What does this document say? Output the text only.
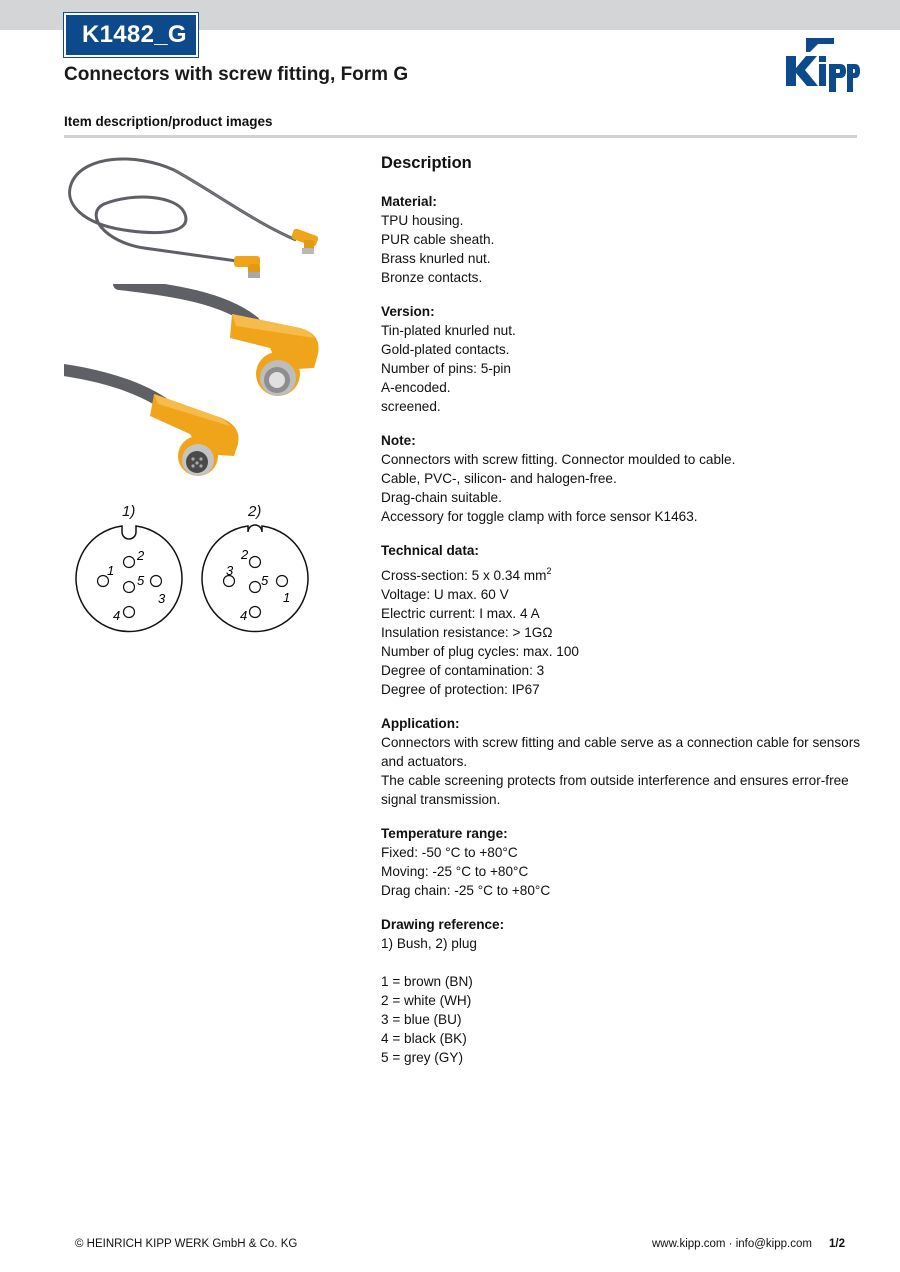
K1482_G
Connectors with screw fitting, Form G
Item description/product images
1)	2)
2
1
5
3
4
2
3
5
1
4
Description
Material:
TPU housing.
PUR cable sheath.
Brass knurled nut.
Bronze contacts.
Version:
Tin-plated knurled nut.
Gold-plated contacts.
Number of pins: 5-pin
A-encoded.
screened.
Note:
Connectors with screw fitting. Connector moulded to cable.
Cable, PVC-, silicon- and halogen-free.
Drag-chain suitable.
Accessory for toggle clamp with force sensor K1463.
Technical data:
Cross-section: 5 x 0.34 $mm^2$
Voltage: U max. 60 V
Electric current: I max. 4 A
Insulation resistance: > 1GΩ
Number of plug cycles: max. 100
Degree of contamination: 3
Degree of protection: IP67
Application:
Connectors with screw fitting and cable serve as a connection cable for sensors and actuators.
The cable screening protects from outside interference and ensures error-free signal transmission.
Temperature range:
Fixed: -50 °C to +80°C
Moving: -25 °C to +80°C
Drag chain: -25 °C to +80°C
Drawing reference:
1) Bush, 2) plug
1 = brown (BN)
2 = white (WH)
3 = blue (BU)
4 = black (BK)
5 = grey (GY)
© HEINRICH KIPP WERK GmbH & Co. KG	www.kipp.com · info@kipp.com 1/2
